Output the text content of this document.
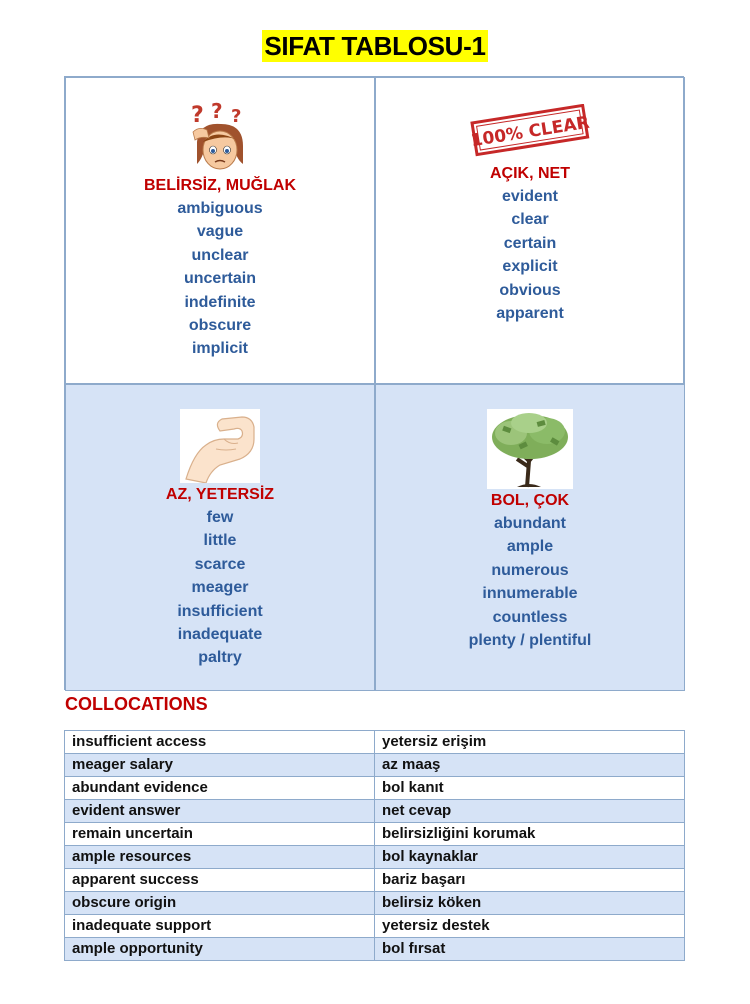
SIFAT TABLOSU-1
? ? ?
BELİRSİZ, MUĞLAK
ambiguous
vague
unclear
uncertain
indefinite
obscure
implicit
100% CLEAR
AÇIK, NET
evident
clear
certain
explicit
obvious
apparent
AZ, YETERSİZ
few
little
scarce
meager
insufficient
inadequate
paltry
BOL, ÇOK
abundant
ample
numerous
innumerable
countless
plenty / plentiful
COLLOCATIONS
insufficient access	yetersiz erişim
meager salary	az maaş
abundant evidence	bol kanıt
evident answer	net cevap
remain uncertain	belirsizliğini korumak
ample resources	bol kaynaklar
apparent success	bariz başarı
obscure origin	belirsiz köken
inadequate support	yetersiz destek
ample opportunity	bol fırsat
